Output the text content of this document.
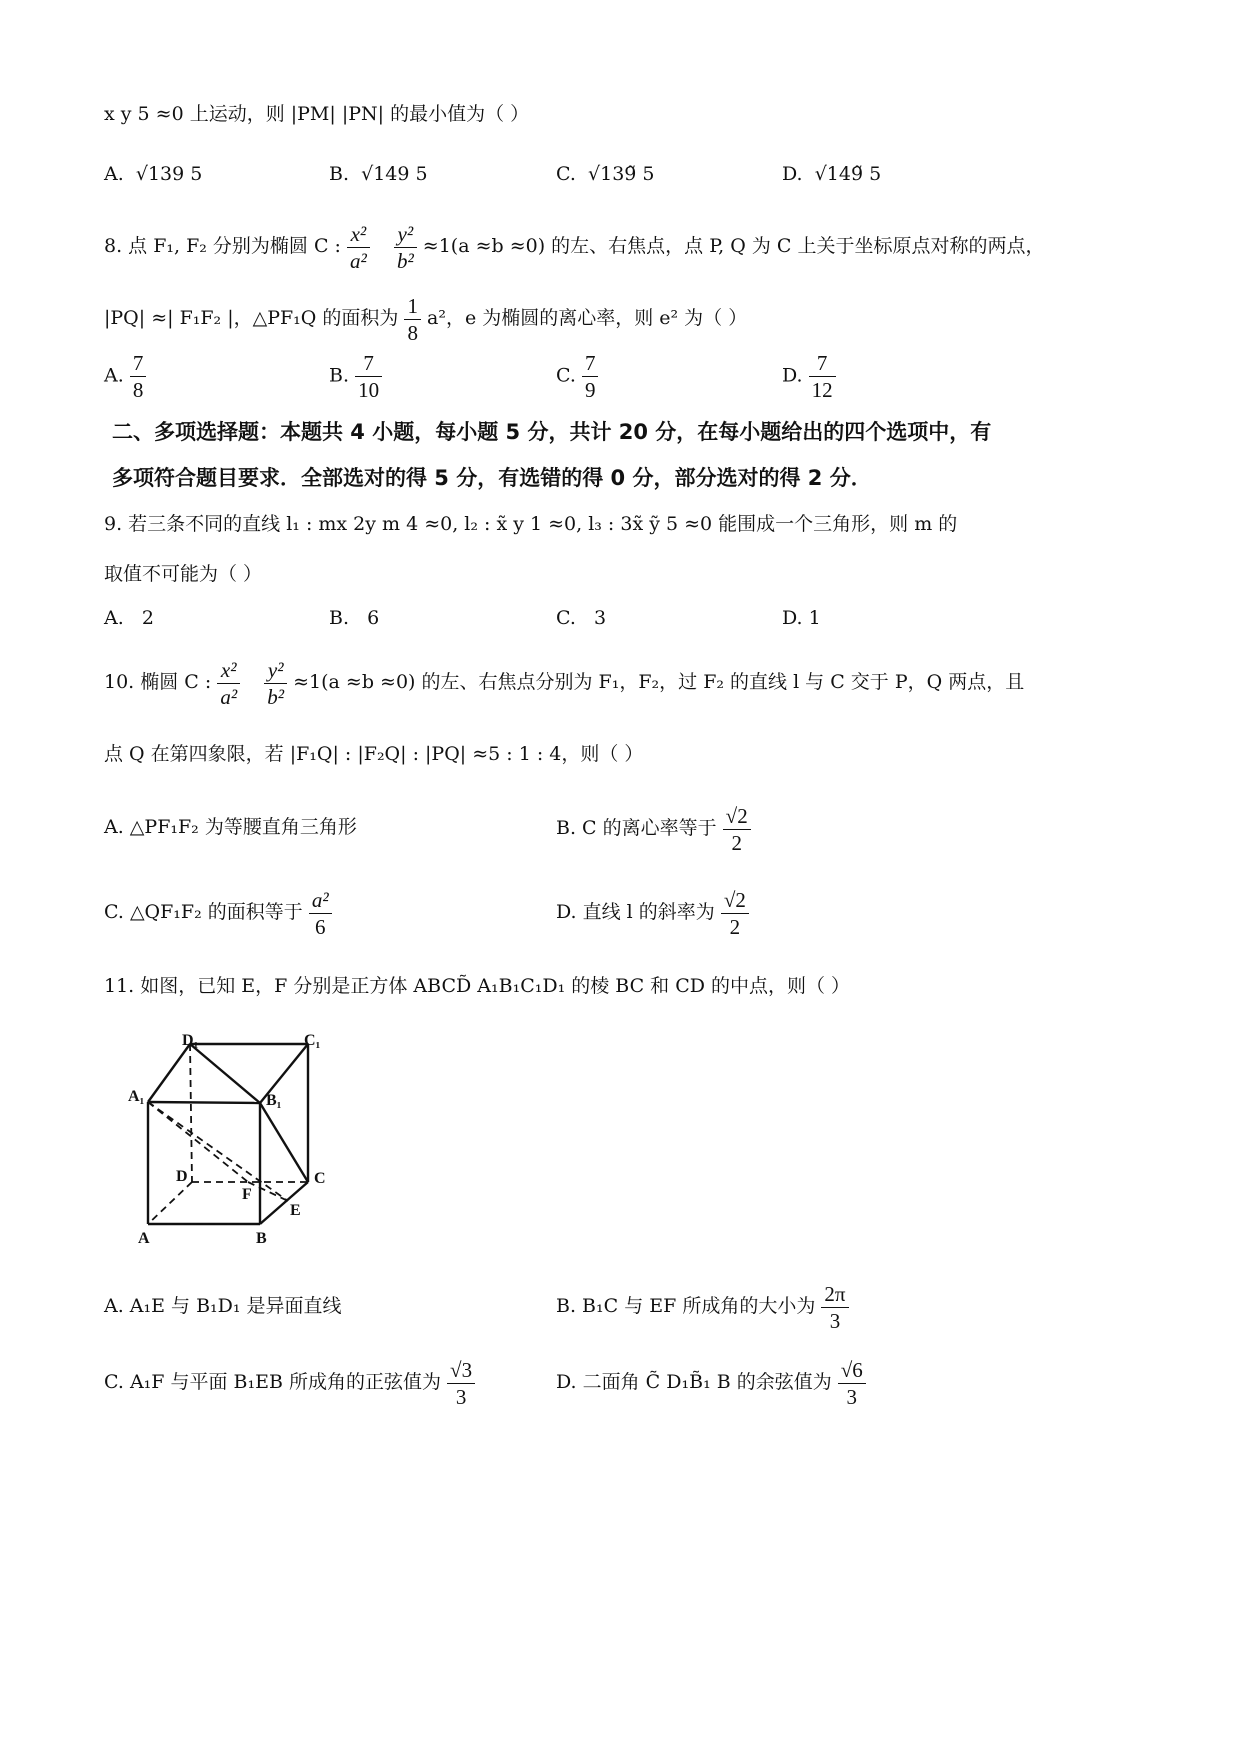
x y 5 ≈0 上运动，则 |PM| |PN| 的最小值为（ ）
A. √139 5	B. √149 5	C. √139̃ 5	D. √149̃ 5
8. 点 F₁, F₂ 分别为椭圆 C : $\frac{\text{x²}}{\text{a²}}$
$\frac{\text{y²}}{\text{b²}} \approx 1(a \approx b \approx 0)$ 的左、右焦点，点 P, Q 为 C 上关于坐标原点对称的两点，
|PQ| ≈| F₁F₂ |，△PF₁Q 的面积为 $\frac{1}{8} a^2$，e 为椭圆的离心率，则 e² 为（ ）
A. $\frac{7}{8}$	B. $\frac{7}{10}$	C. $\frac{7}{9}$	D. $\frac{7}{12}$
二、多项选择题：本题共 4 小题，每小题 5 分，共计 20 分，在每小题给出的四个选项中，有
多项符合题目要求．全部选对的得 5 分，有选错的得 0 分，部分选对的得 2 分．
9. 若三条不同的直线 l₁ : mx 2y m 4 ≈0, l₂ : x̃ y 1 ≈0, l₃ : 3x̃ ỹ 5 ≈0 能围成一个三角形，则 m 的
取值不可能为（ ）
A. 2	B. 6	C. 3	D. 1
10. 椭圆 C : $\frac{\text{x²}}{\text{a²}}$
$\frac{\text{y²}}{\text{b²}} \approx 1(a \approx b \approx 0)$ 的左、右焦点分别为 F₁，F₂，过 F₂ 的直线 l 与 C 交于 P，Q 两点，且
点 Q 在第四象限，若 |F₁Q| : |F₂Q| : |PQ| ≈5 : 1 : 4，则（ ）
A. △PF₁F₂ 为等腰直角三角形	B. C 的离心率等于 $\frac{√2}{2}$
C. △QF₁F₂ 的面积等于 $\frac{\text{a²}}{6}$	D. 直线 l 的斜率为 $\frac{√2}{2}$
11. 如图，已知 E，F 分别是正方体 ABCD̃ A₁B₁C₁D₁ 的棱 BC 和 CD 的中点，则（ ）
D₁	C₁
A₁	B₁
D
F
C
E
A	B
A. A₁E 与 B₁D₁ 是异面直线	B. B₁C 与 EF 所成角的大小为 $\frac{2\pi}{3}$
C. A₁F 与平面 B₁EB 所成角的正弦值为 $\frac{√3}{3}$	D. 二面角 C̃ D₁B̃₁ B 的余弦值为 $\frac{√6}{3}$
